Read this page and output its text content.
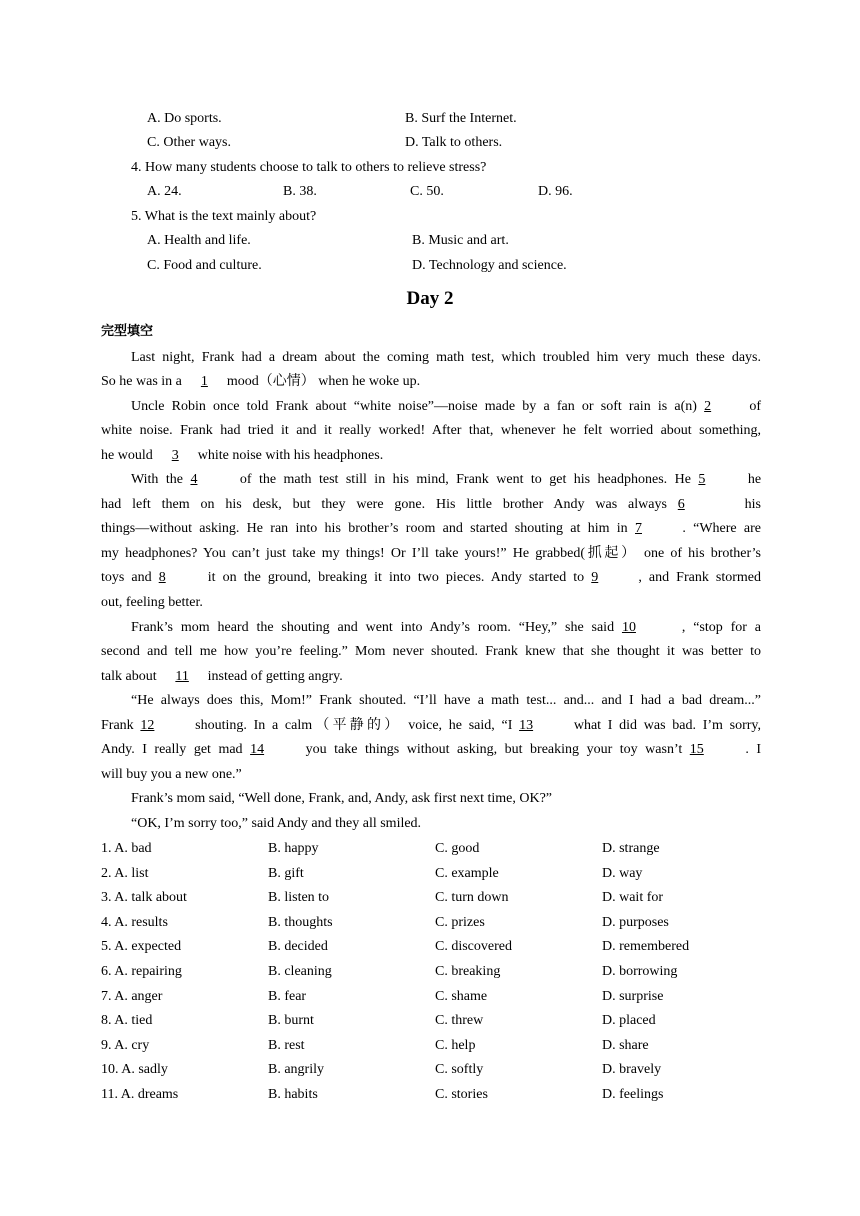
A. Do sports.	B. Surf the Internet.
C. Other ways.	D. Talk to others.
4. How many students choose to talk to others to relieve stress?
A. 24.	B. 38.	C. 50.	D. 96.
5. What is the text mainly about?
A. Health and life.	B. Music and art.
C. Food and culture.	D. Technology and science.
Day 2
完型填空
Last night, Frank had a dream about the coming math test, which troubled him very much these days.
So he was in a 1 mood（心情） when he woke up.
Uncle Robin once told Frank about “white noise”—noise made by a fan or soft rain is a(n) 2	of
white noise. Frank had tried it and it really worked! After that, whenever he felt worried about something,
he would 3 white noise with his headphones.
With the 4	of the math test still in his mind, Frank went to get his headphones. He 5	he
had left them on his desk, but they were gone. His little brother Andy was always 6	his
things—without asking. He ran into his brother’s room and started shouting at him in 7	. “Where are
my headphones? You can’t just take my things! Or I’ll take yours!” He grabbed(抓起） one of his brother’s
toys and 8	it on the ground, breaking it into two pieces. Andy started to 9	, and Frank stormed
out, feeling better.
Frank’s mom heard the shouting and went into Andy’s room. “Hey,” she said 10	, “stop for a
second and tell me how you’re feeling.” Mom never shouted. Frank knew that she thought it was better to
talk about 11 instead of getting angry.
“He always does this, Mom!” Frank shouted. “I’ll have a math test... and... and I had a bad dream...”
Frank 12	shouting. In a calm（平静的） voice, he said, “I 13	what I did was bad. I’m sorry,
Andy. I really get mad 14	you take things without asking, but breaking your toy wasn’t 15	. I
will buy you a new one.”
Frank’s mom said, “Well done, Frank, and, Andy, ask first next time, OK?”
“OK, I’m sorry too,” said Andy and they all smiled.
1. A. bad	B. happy	C. good	D. strange
2. A. list	B. gift	C. example	D. way
3. A. talk about	B. listen to	C. turn down	D. wait for
4. A. results	B. thoughts	C. prizes	D. purposes
5. A. expected	B. decided	C. discovered	D. remembered
6. A. repairing	B. cleaning	C. breaking	D. borrowing
7. A. anger	B. fear	C. shame	D. surprise
8. A. tied	B. burnt	C. threw	D. placed
9. A. cry	B. rest	C. help	D. share
10. A. sadly	B. angrily	C. softly	D. bravely
11. A. dreams	B. habits	C. stories	D. feelings
